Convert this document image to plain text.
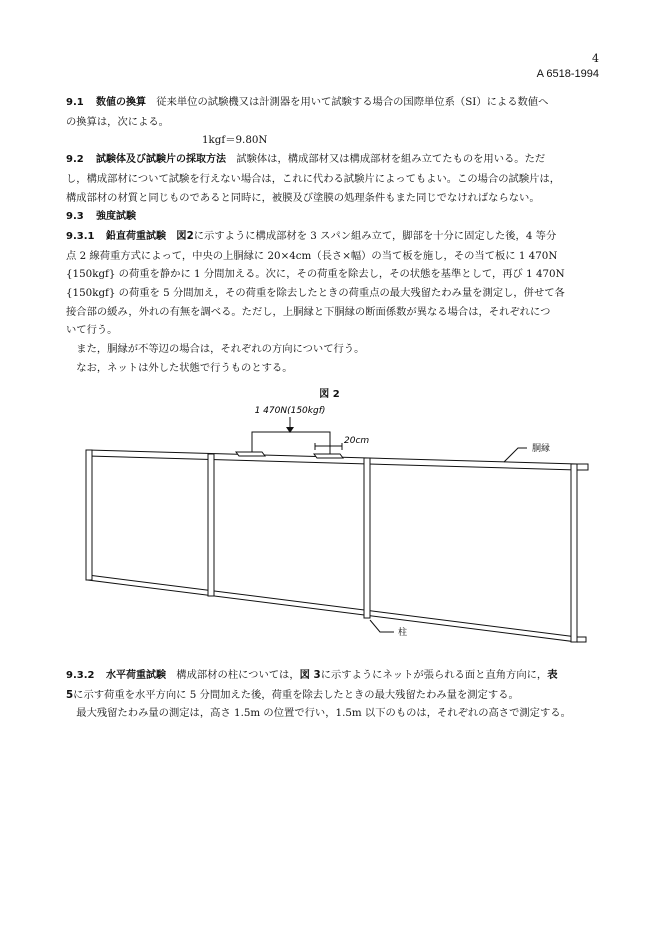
4
A 6518-1994

9.1 数値の換算　 従来単位の試験機又は計測器を用いて試験する場合の国際単位系（SI）による数値へ

の換算は，次による。

1kgf＝9.80N

9.2 試験体及び試験片の採取方法　 試験体は，構成部材又は構成部材を組み立てたものを用いる。ただ

し，構成部材について試験を行えない場合は，これに代わる試験片によってもよい。この場合の試験片は，

構成部材の材質と同じものであると同時に，被膜及び塗膜の処理条件もまた同じでなければならない。

9.3 強度試験

9.3.1 鉛直荷重試験　 図2に示すように構成部材を 3 スパン組み立て，脚部を十分に固定した後，4 等分

点 2 線荷重方式によって，中央の上胴縁に 20×4cm（長さ×幅）の当て板を施し，その当て板に 1 470N

{150kgf} の荷重を静かに 1 分間加える。次に，その荷重を除去し，その状態を基準として，再び 1 470N

{150kgf} の荷重を 5 分間加え，その荷重を除去したときの荷重点の最大残留たわみ量を測定し，併せて各

接合部の緩み，外れの有無を調べる。ただし，上胴縁と下胴縁の断面係数が異なる場合は，それぞれにつ

いて行う。

また，胴縁が不等辺の場合は，それぞれの方向について行う。

なお，ネットは外した状態で行うものとする。

図 2
1 470N(150kgf)
20cm
胴縁
柱

9.3.2 水平荷重試験　 構成部材の柱については，図 3に示すようにネットが張られる面と直角方向に，表

5に示す荷重を水平方向に 5 分間加えた後，荷重を除去したときの最大残留たわみ量を測定する。

最大残留たわみ量の測定は，高さ 1.5m の位置で行い，1.5m 以下のものは，それぞれの高さで測定する。
